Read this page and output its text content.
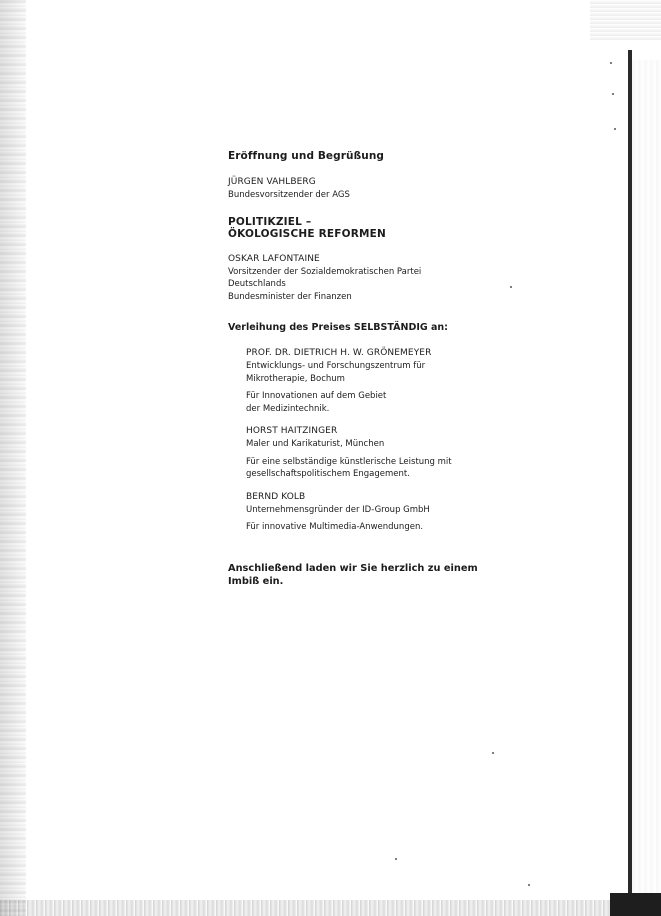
Eröffnung und Begrüßung

JÜRGEN VAHLBERG

Bundesvorsitzender der AGS

POLITIKZIEL –

ÖKOLOGISCHE REFORMEN

OSKAR LAFONTAINE

Vorsitzender der Sozialdemokratischen Partei

Deutschlands

Bundesminister der Finanzen

Verleihung des Preises SELBSTÄNDIG an:

PROF. DR. DIETRICH H. W. GRÖNEMEYER

Entwicklungs- und Forschungszentrum für

Mikrotherapie, Bochum

Für Innovationen auf dem Gebiet

der Medizintechnik.

HORST HAITZINGER

Maler und Karikaturist, München

Für eine selbständige künstlerische Leistung mit

gesellschaftspolitischem Engagement.

BERND KOLB

Unternehmensgründer der ID-Group GmbH

Für innovative Multimedia-Anwendungen.

Anschließend laden wir Sie herzlich zu einem

Imbiß ein.
